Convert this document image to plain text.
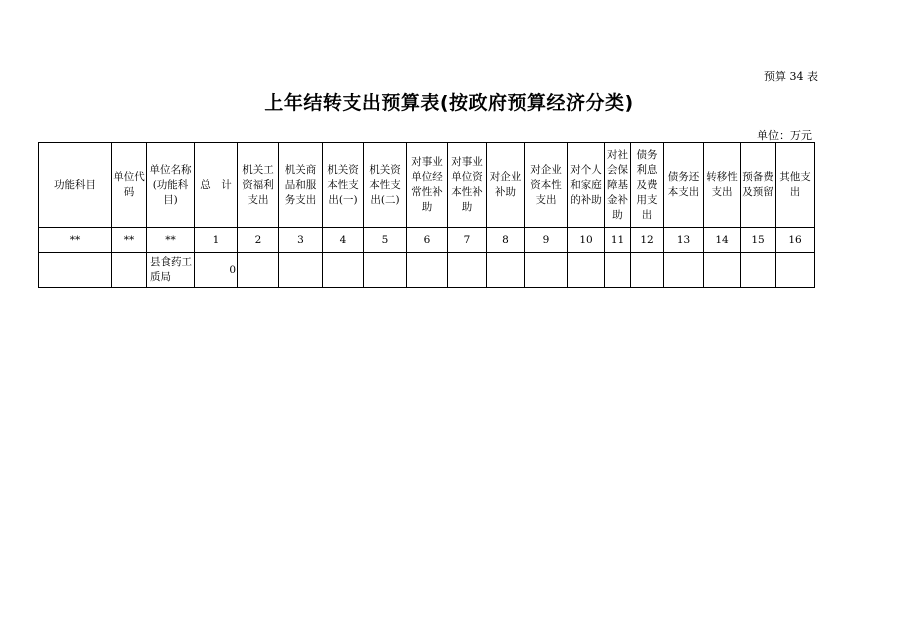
预算 34 表
上年结转支出预算表(按政府预算经济分类)
单位：万元
功能科目	单位代码	单位名称(功能科目)	总　计	机关工资福利支出	机关商品和服务支出	机关资本性支出(一)	机关资本性支出(二)	对事业单位经常性补助	对事业单位资本性补助	对企业补助	对企业资本性支出	对个人和家庭的补助	对社会保障基金补助	债务利息及费用支出	债务还本支出	转移性支出	预备费及预留	其他支出
**	**	**	1	2	3	4	5	6	7	8	9	10	11	12	13	14	15	16
		县食药工质局	0															
